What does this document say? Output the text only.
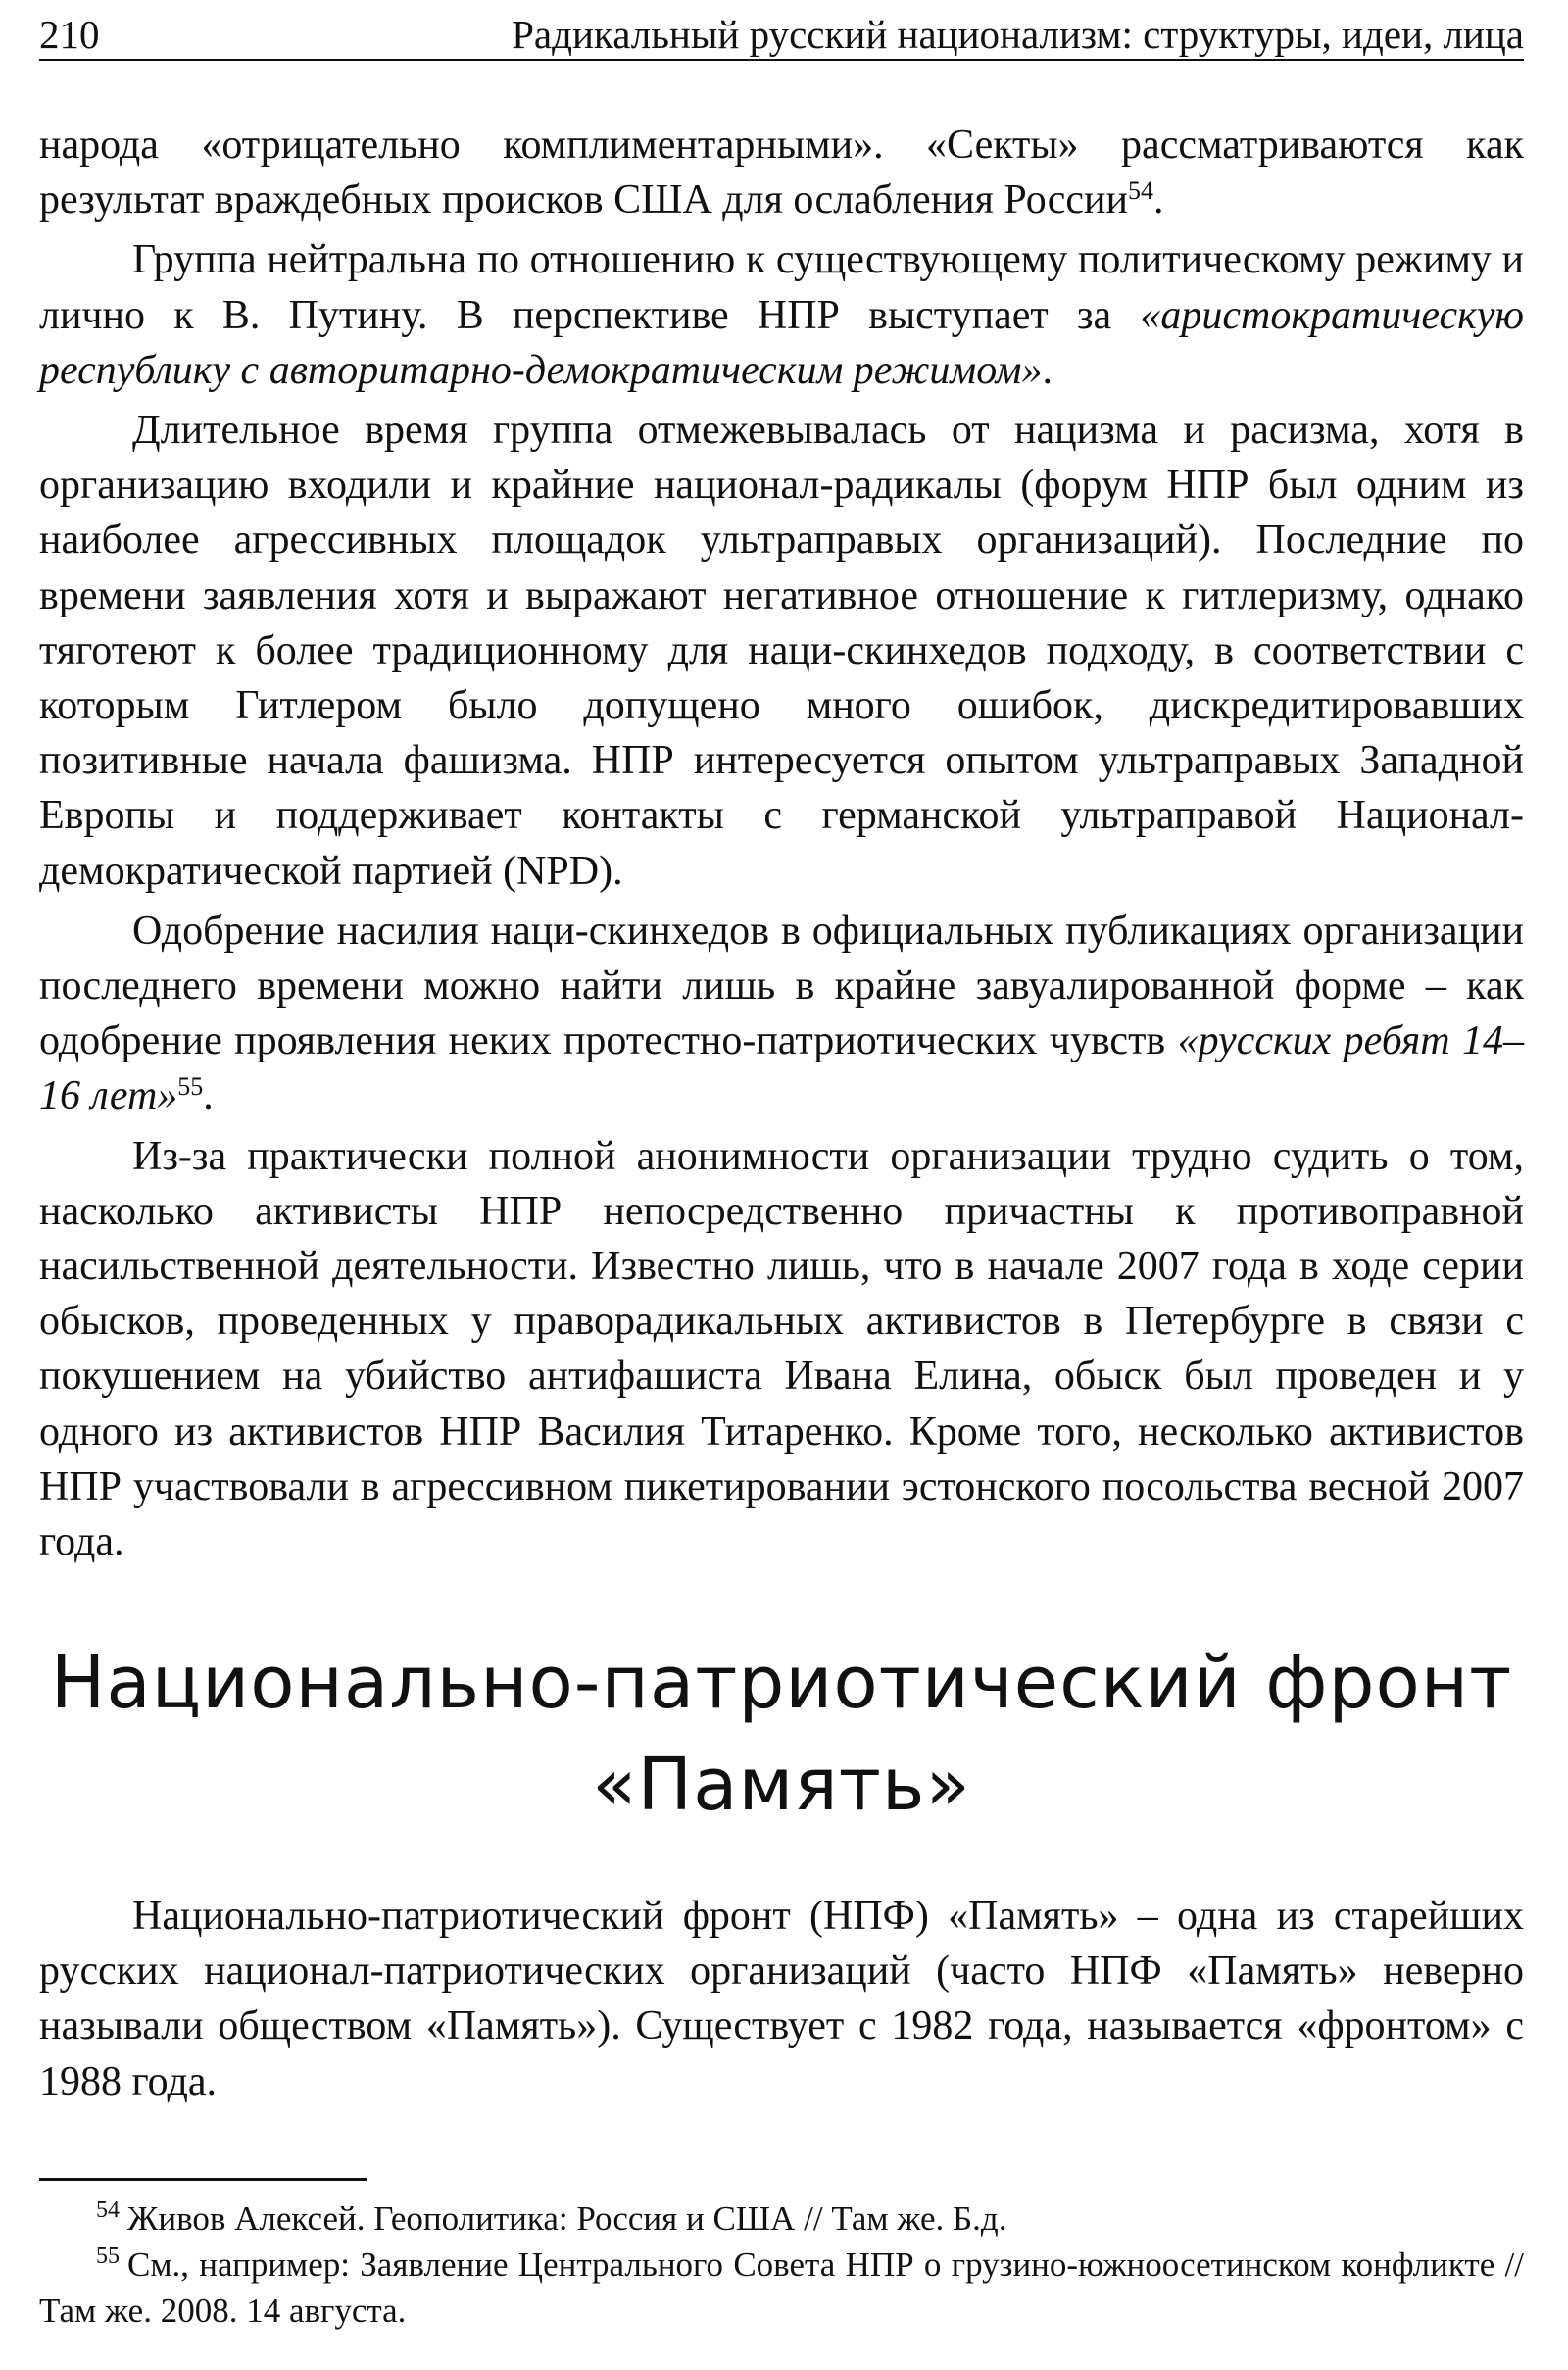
210	Радикальный русский национализм: структуры, идеи, лица

народа «отрицательно комплиментарными». «Секты» рассматриваются как результат враждебных происков США для ослабления России$^{54}$.

Группа нейтральна по отношению к существующему политическому режиму и лично к В. Путину. В перспективе НПР выступает за «аристократическую республику с авторитарно-демократическим режимом».

Длительное время группа отмежевывалась от нацизма и расизма, хотя в организацию входили и крайние национал-радикалы (форум НПР был одним из наиболее агрессивных площадок ультраправых организаций). Последние по времени заявления хотя и выражают негативное отношение к гитлеризму, однако тяготеют к более традиционному для наци-скинхедов подходу, в соответствии с которым Гитлером было допущено много ошибок, дискредитировавших позитивные начала фашизма. НПР интересуется опытом ультраправых Западной Европы и поддерживает контакты с германской ультраправой Национал-демократической партией (NPD).

Одобрение насилия наци-скинхедов в официальных публикациях организации последнего времени можно найти лишь в крайне завуалированной форме – как одобрение проявления неких протестно-патриотических чувств «русских ребят 14–16 лет»$^{55}$.

Из-за практически полной анонимности организации трудно судить о том, насколько активисты НПР непосредственно причастны к противоправной насильственной деятельности. Известно лишь, что в начале 2007 года в ходе серии обысков, проведенных у праворадикальных активистов в Петербурге в связи с покушением на убийство антифашиста Ивана Елина, обыск был проведен и у одного из активистов НПР Василия Титаренко. Кроме того, несколько активистов НПР участвовали в агрессивном пикетировании эстонского посольства весной 2007 года.

Национально-патриотический фронт
«Память»

Национально-патриотический фронт (НПФ) «Память» – одна из старейших русских национал-патриотических организаций (часто НПФ «Память» неверно называли обществом «Память»). Существует с 1982 года, называется «фронтом» с 1988 года.

$^{54}$ Живов Алексей. Геополитика: Россия и США // Там же. Б.д.

$^{55}$ См., например: Заявление Центрального Совета НПР о грузино-южноосетинском конфликте // Там же. 2008. 14 августа.
